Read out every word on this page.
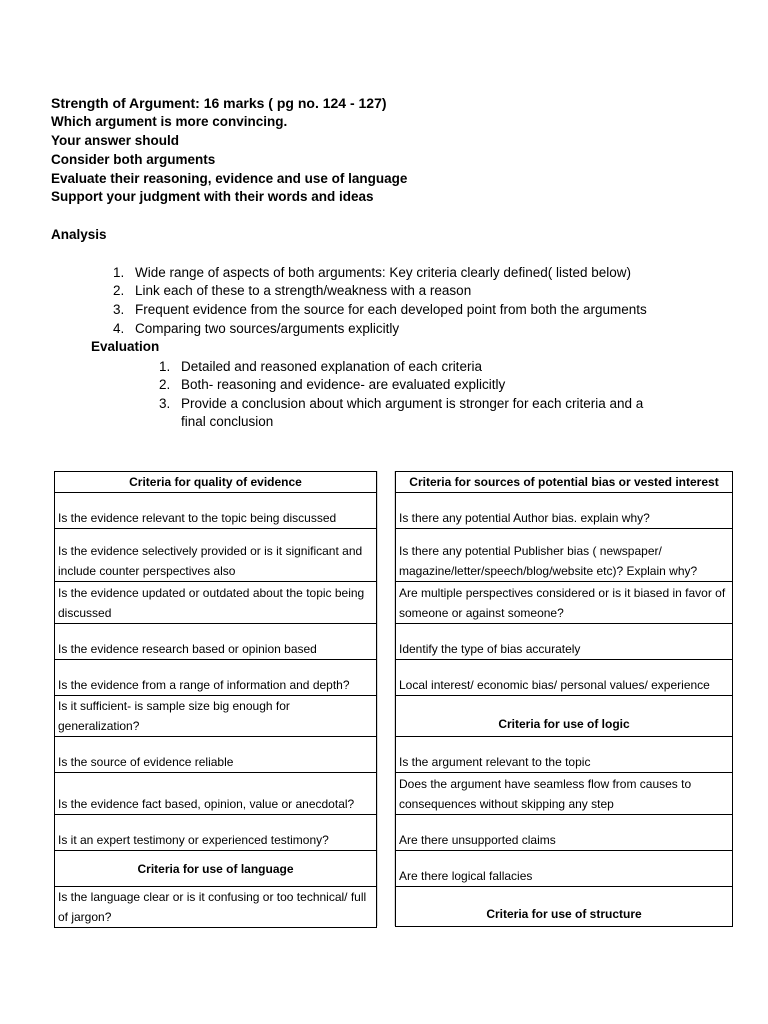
Strength of Argument: 16 marks ( pg no. 124 - 127)
Which argument is more convincing.
Your answer should
Consider both arguments
Evaluate their reasoning, evidence and use of language
Support your judgment with their words and ideas
Analysis
1. Wide range of aspects of both arguments: Key criteria clearly defined( listed below)
2. Link each of these to a strength/weakness with a reason
3. Frequent evidence from the source for each developed point from both the arguments
4. Comparing two sources/arguments explicitly
Evaluation
1. Detailed and reasoned explanation of each criteria
2. Both- reasoning and evidence- are evaluated explicitly
3. Provide a conclusion about which argument is stronger for each criteria and a
final conclusion
Criteria for quality of evidence
Is the evidence relevant to the topic being discussed
Is the evidence selectively provided or is it significant and include counter perspectives also
Is the evidence updated or outdated about the topic being discussed
Is the evidence research based or opinion based
Is the evidence from a range of information and depth?
Is it sufficient- is sample size big enough for generalization?
Is the source of evidence reliable
Is the evidence fact based, opinion, value or anecdotal?
Is it an expert testimony or experienced testimony?
Criteria for use of language
Is the language clear or is it confusing or too technical/ full of jargon?
Criteria for sources of potential bias or vested interest
Is there any potential Author bias. explain why?
Is there any potential Publisher bias ( newspaper/ magazine/letter/speech/blog/website etc)? Explain why?
Are multiple perspectives considered or is it biased in favor of someone or against someone?
Identify the type of bias accurately
Local interest/ economic bias/ personal values/ experience
Criteria for use of logic
Is the argument relevant to the topic
Does the argument have seamless flow from causes to consequences without skipping any step
Are there unsupported claims
Are there logical fallacies
Criteria for use of structure
